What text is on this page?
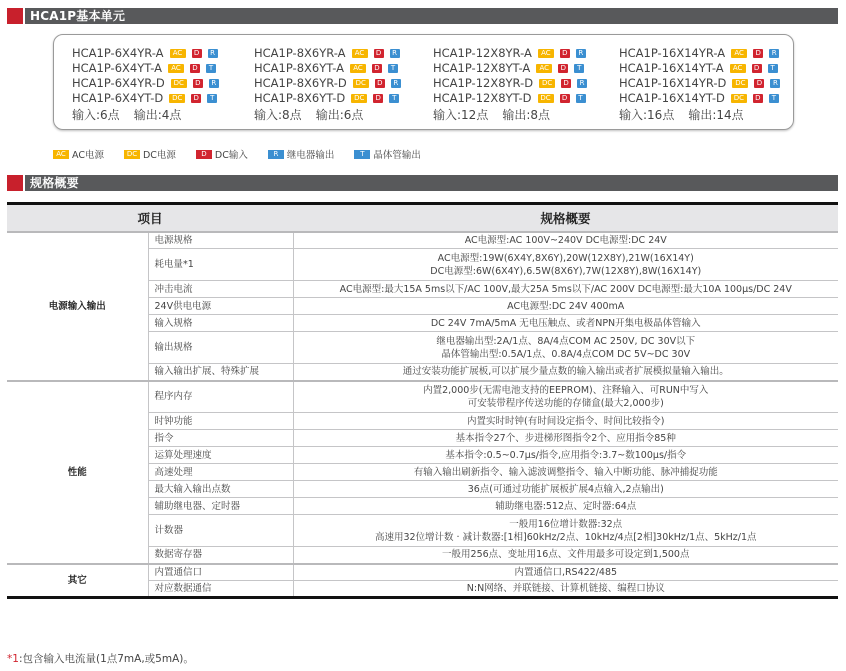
HCA1P基本单元
HCA1P-6X4YR-A	AC	D	R
HCA1P-6X4YT-A	AC	D	T
HCA1P-6X4YR-D	DC	D	R
HCA1P-6X4YT-D	DC	D	T
输入:6点 输出:4点
HCA1P-8X6YR-A	AC	D	R
HCA1P-8X6YT-A	AC	D	T
HCA1P-8X6YR-D	DC	D	R
HCA1P-8X6YT-D	DC	D	T
输入:8点 输出:6点
HCA1P-12X8YR-A	AC	D	R
HCA1P-12X8YT-A	AC	D	T
HCA1P-12X8YR-D	DC	D	R
HCA1P-12X8YT-D	DC	D	T
输入:12点 输出:8点
HCA1P-16X14YR-A	AC	D	R
HCA1P-16X14YT-A	AC	D	T
HCA1P-16X14YR-D	DC	D	R
HCA1P-16X14YT-D	DC	D	T
输入:16点 输出:14点
AC AC电源	DC DC电源	D DC输入	R 继电器输出	T 晶体管输出
规格概要
项目		规格概要
电源输入输出	电源规格	AC电源型:AC 100V~240V DC电源型:DC 24V

	耗电量*1	AC电源型:19W(6X4Y,8X6Y),20W(12X8Y),21W(16X14Y)
DC电源型:6W(6X4Y),6.5W(8X6Y),7W(12X8Y),8W(16X14Y)

	冲击电流	AC电源型:最大15A 5ms以下/AC 100V,最大25A 5ms以下/AC 200V DC电源型:最大10A 100μs/DC 24V

	24V供电电源	AC电源型:DC 24V 400mA

	输入规格	DC 24V 7mA/5mA 无电压触点、或者NPN开集电极晶体管输入

	输出规格	继电器输出型:2A/1点、8A/4点COM AC 250V, DC 30V以下
晶体管输出型:0.5A/1点、0.8A/4点COM DC 5V~DC 30V

	输入输出扩展、特殊扩展	通过安装功能扩展板,可以扩展少量点数的输入输出或者扩展模拟量输入输出。

性能	程序内存	内置2,000步(无需电池支持的EEPROM)、注释输入、可RUN中写入
可安装带程序传送功能的存储盒(最大2,000步)

	时钟功能	内置实时时钟(有时间设定指令、时间比较指令)

	指令	基本指令27个、步进梯形图指令2个、应用指令85种

	运算处理速度	基本指令:0.5~0.7μs/指令,应用指令:3.7~数100μs/指令

	高速处理	有输入输出刷新指令、输入滤波调整指令、输入中断功能、脉冲捕捉功能

	最大输入输出点数	36点(可通过功能扩展板扩展4点输入,2点输出)

	辅助继电器、定时器	辅助继电器:512点、定时器:64点

	计数器	一般用16位增计数器:32点
高速用32位增计数 · 减计数器:[1相]60kHz/2点、10kHz/4点[2相]30kHz/1点、5kHz/1点

	数据寄存器	一般用256点、变址用16点、文件用最多可设定到1,500点

其它	内置通信口	内置通信口,RS422/485

	对应数据通信	N:N网络、并联链接、计算机链接、编程口协议
*1:包含输入电流量(1点7mA,或5mA)。
